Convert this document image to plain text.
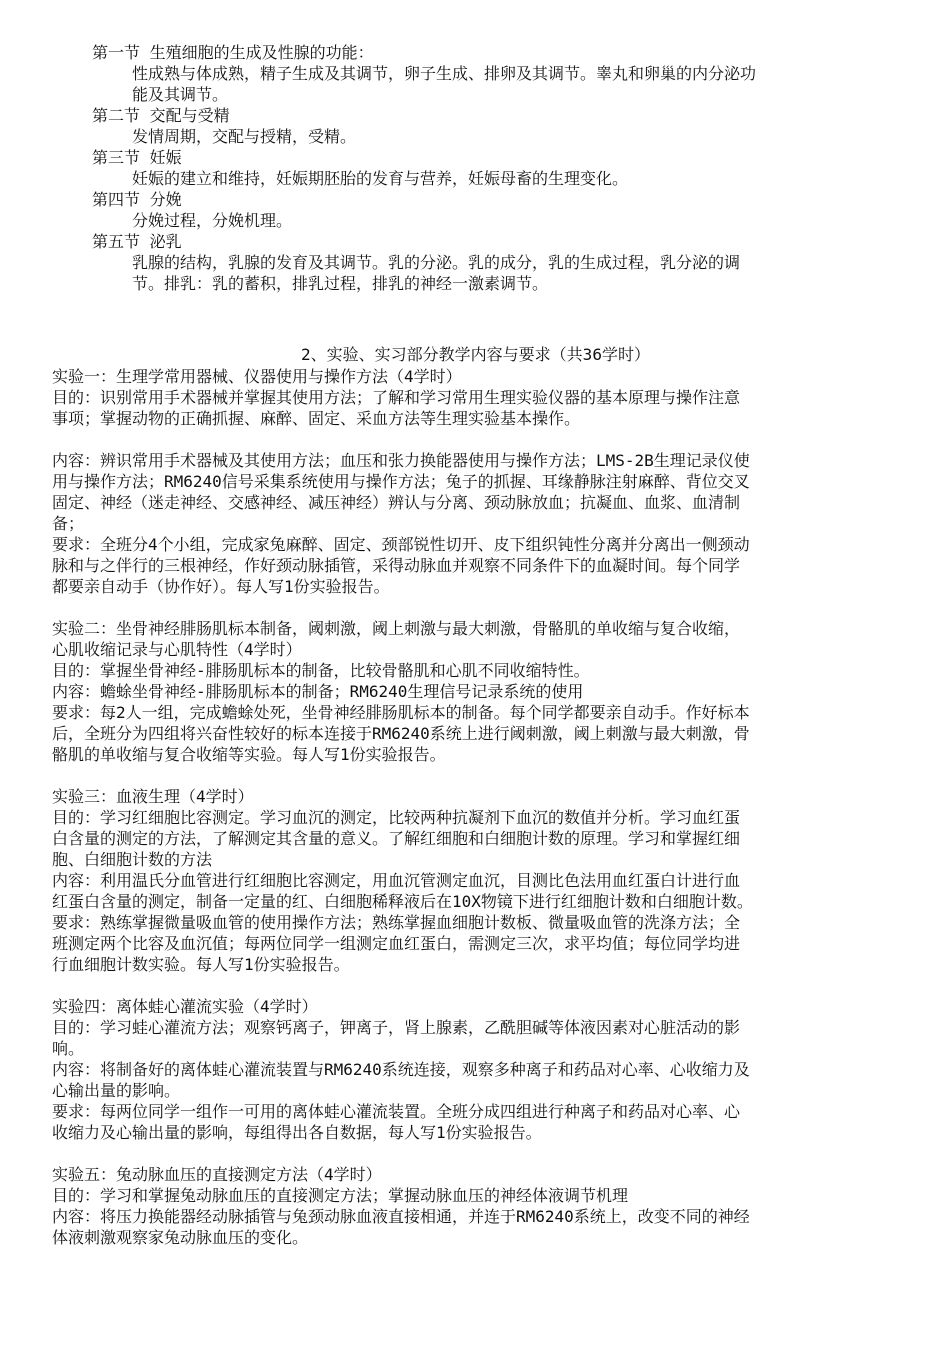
第一节 生殖细胞的生成及性腺的功能：

性成熟与体成熟，精子生成及其调节，卵子生成、排卵及其调节。睾丸和卵巢的内分泌功
能及其调节。

第二节 交配与受精

发情周期，交配与授精，受精。

第三节 妊娠

妊娠的建立和维持，妊娠期胚胎的发育与营养，妊娠母畜的生理变化。

第四节 分娩

分娩过程，分娩机理。

第五节 泌乳

乳腺的结构，乳腺的发育及其调节。乳的分泌。乳的成分，乳的生成过程，乳分泌的调
节。排乳：乳的蓄积，排乳过程，排乳的神经一激素调节。

2、实验、实习部分教学内容与要求（共36学时）

实验一：生理学常用器械、仪器使用与操作方法（4学时）

目的：识别常用手术器械并掌握其使用方法；了解和学习常用生理实验仪器的基本原理与操作注意
事项；掌握动物的正确抓握、麻醉、固定、采血方法等生理实验基本操作。

内容：辨识常用手术器械及其使用方法；血压和张力换能器使用与操作方法；LMS-2B生理记录仪使
用与操作方法；RM6240信号采集系统使用与操作方法；兔子的抓握、耳缘静脉注射麻醉、背位交叉
固定、神经（迷走神经、交感神经、减压神经）辨认与分离、颈动脉放血；抗凝血、血浆、血清制
备；

要求：全班分4个小组，完成家兔麻醉、固定、颈部锐性切开、皮下组织钝性分离并分离出一侧颈动
脉和与之伴行的三根神经，作好颈动脉插管，采得动脉血并观察不同条件下的血凝时间。每个同学
都要亲自动手（协作好）。每人写1份实验报告。

实验二：坐骨神经腓肠肌标本制备，阈刺激，阈上刺激与最大刺激，骨骼肌的单收缩与复合收缩，
心肌收缩记录与心肌特性（4学时）

目的：掌握坐骨神经-腓肠肌标本的制备，比较骨骼肌和心肌不同收缩特性。

内容：蟾蜍坐骨神经-腓肠肌标本的制备；RM6240生理信号记录系统的使用

要求：每2人一组，完成蟾蜍处死，坐骨神经腓肠肌标本的制备。每个同学都要亲自动手。作好标本
后，全班分为四组将兴奋性较好的标本连接于RM6240系统上进行阈刺激，阈上刺激与最大刺激，骨
骼肌的单收缩与复合收缩等实验。每人写1份实验报告。

实验三：血液生理（4学时）

目的：学习红细胞比容测定。学习血沉的测定，比较两种抗凝剂下血沉的数值并分析。学习血红蛋
白含量的测定的方法，了解测定其含量的意义。了解红细胞和白细胞计数的原理。学习和掌握红细
胞、白细胞计数的方法

内容：利用温氏分血管进行红细胞比容测定，用血沉管测定血沉，目测比色法用血红蛋白计进行血
红蛋白含量的测定，制备一定量的红、白细胞稀释液后在10X物镜下进行红细胞计数和白细胞计数。

要求：熟练掌握微量吸血管的使用操作方法；熟练掌握血细胞计数板、微量吸血管的洗涤方法；全
班测定两个比容及血沉值；每两位同学一组测定血红蛋白，需测定三次，求平均值；每位同学均进
行血细胞计数实验。每人写1份实验报告。

实验四：离体蛙心灌流实验（4学时）

目的：学习蛙心灌流方法；观察钙离子，钾离子，肾上腺素，乙酰胆碱等体液因素对心脏活动的影
响。

内容：将制备好的离体蛙心灌流装置与RM6240系统连接，观察多种离子和药品对心率、心收缩力及
心输出量的影响。

要求：每两位同学一组作一可用的离体蛙心灌流装置。全班分成四组进行种离子和药品对心率、心
收缩力及心输出量的影响，每组得出各自数据，每人写1份实验报告。

实验五：兔动脉血压的直接测定方法（4学时）

目的：学习和掌握兔动脉血压的直接测定方法；掌握动脉血压的神经体液调节机理

内容：将压力换能器经动脉插管与兔颈动脉血液直接相通，并连于RM6240系统上，改变不同的神经
体液刺激观察家兔动脉血压的变化。
